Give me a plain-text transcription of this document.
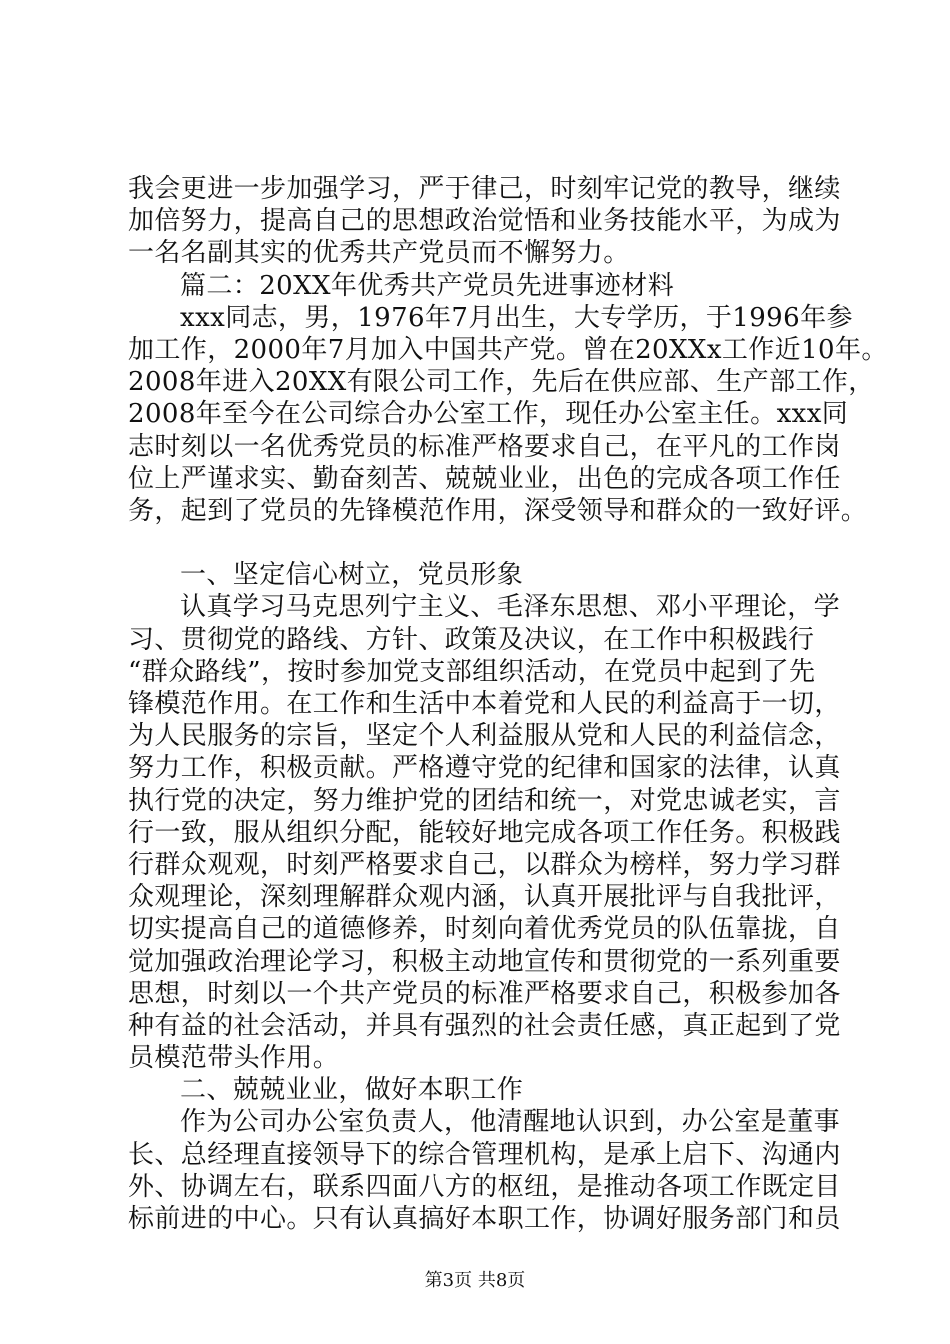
我会更进一步加强学习，严于律己，时刻牢记党的教导，继续
加倍努力，提高自己的思想政治觉悟和业务技能水平，为成为
一名名副其实的优秀共产党员而不懈努力。
篇二：20XX年优秀共产党员先进事迹材料
xxx同志，男，1976年7月出生，大专学历，于1996年参
加工作，2000年7月加入中国共产党。曾在20XXx工作近10年。
2008年进入20XX有限公司工作，先后在供应部、生产部工作，
2008年至今在公司综合办公室工作，现任办公室主任。xxx同
志时刻以一名优秀党员的标准严格要求自己，在平凡的工作岗
位上严谨求实、勤奋刻苦、兢兢业业，出色的完成各项工作任
务，起到了党员的先锋模范作用，深受领导和群众的一致好评。
一、坚定信心树立，党员形象
认真学习马克思列宁主义、毛泽东思想、邓小平理论，学
习、贯彻党的路线、方针、政策及决议，在工作中积极践行
“群众路线”，按时参加党支部组织活动，在党员中起到了先
锋模范作用。在工作和生活中本着党和人民的利益高于一切，
为人民服务的宗旨，坚定个人利益服从党和人民的利益信念，
努力工作，积极贡献。严格遵守党的纪律和国家的法律，认真
执行党的决定，努力维护党的团结和统一，对党忠诚老实，言
行一致，服从组织分配，能较好地完成各项工作任务。积极践
行群众观观，时刻严格要求自己，以群众为榜样，努力学习群
众观理论，深刻理解群众观内涵，认真开展批评与自我批评，
切实提高自己的道德修养，时刻向着优秀党员的队伍靠拢，自
觉加强政治理论学习，积极主动地宣传和贯彻党的一系列重要
思想，时刻以一个共产党员的标准严格要求自己，积极参加各
种有益的社会活动，并具有强烈的社会责任感，真正起到了党
员模范带头作用。
二、兢兢业业，做好本职工作
作为公司办公室负责人，他清醒地认识到，办公室是董事
长、总经理直接领导下的综合管理机构，是承上启下、沟通内
外、协调左右，联系四面八方的枢纽，是推动各项工作既定目
标前进的中心。只有认真搞好本职工作，协调好服务部门和员
第3页 共8页
